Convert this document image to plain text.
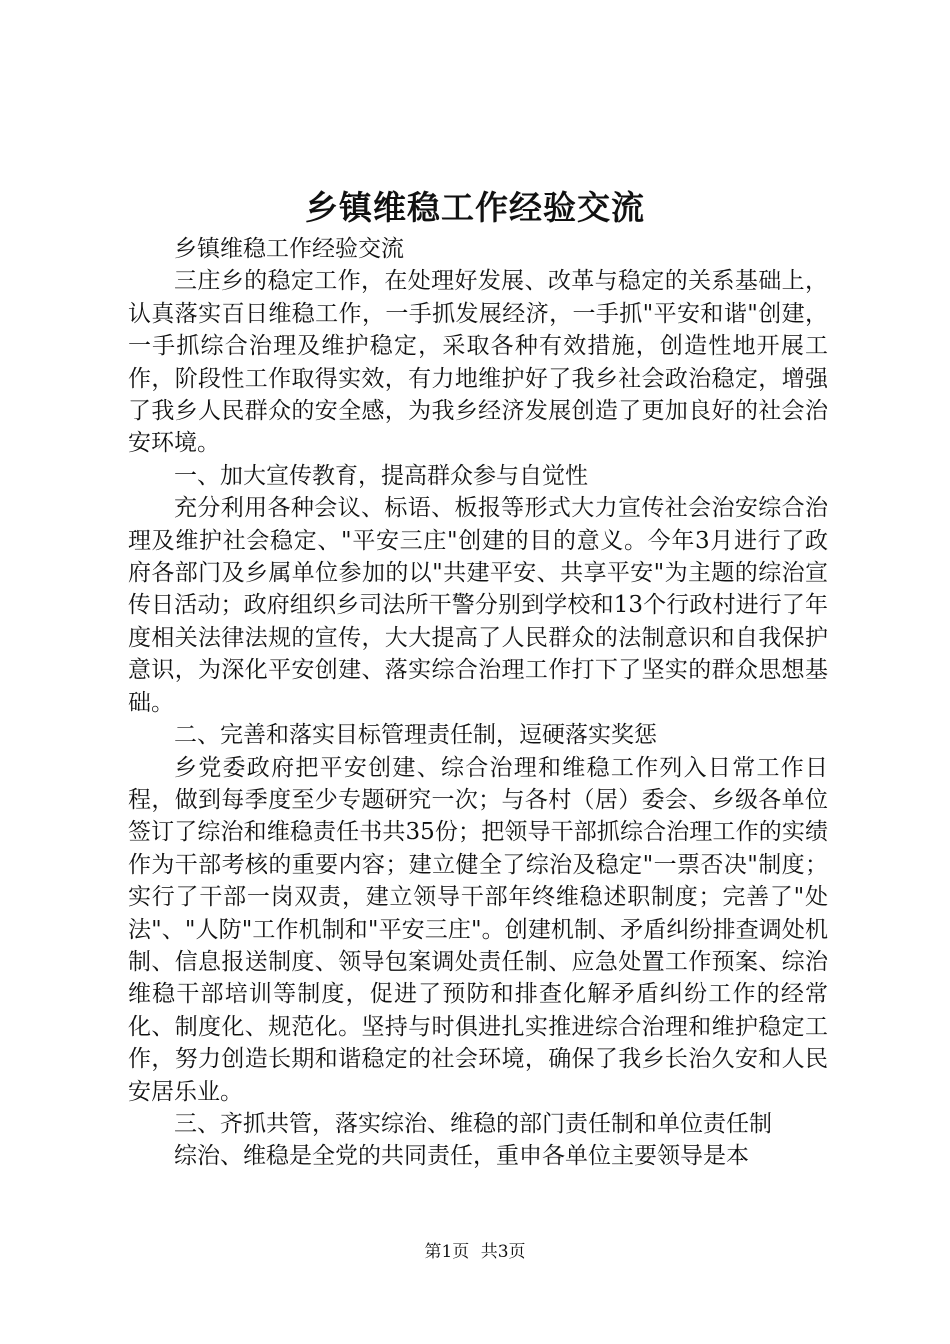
乡镇维稳工作经验交流

乡镇维稳工作经验交流

三庄乡的稳定工作，在处理好发展、改革与稳定的关系基础上，认真落实百日维稳工作，一手抓发展经济，一手抓"平安和谐"创建，一手抓综合治理及维护稳定，采取各种有效措施，创造性地开展工作，阶段性工作取得实效，有力地维护好了我乡社会政治稳定，增强了我乡人民群众的安全感，为我乡经济发展创造了更加良好的社会治安环境。

一、加大宣传教育，提高群众参与自觉性

充分利用各种会议、标语、板报等形式大力宣传社会治安综合治理及维护社会稳定、"平安三庄"创建的目的意义。今年3月进行了政府各部门及乡属单位参加的以"共建平安、共享平安"为主题的综治宣传日活动；政府组织乡司法所干警分别到学校和13个行政村进行了年度相关法律法规的宣传，大大提高了人民群众的法制意识和自我保护意识，为深化平安创建、落实综合治理工作打下了坚实的群众思想基础。

二、完善和落实目标管理责任制，逗硬落实奖惩

乡党委政府把平安创建、综合治理和维稳工作列入日常工作日程，做到每季度至少专题研究一次；与各村（居）委会、乡级各单位签订了综治和维稳责任书共35份；把领导干部抓综合治理工作的实绩作为干部考核的重要内容；建立健全了综治及稳定"一票否决"制度；实行了干部一岗双责，建立领导干部年终维稳述职制度；完善了"处法"、"人防"工作机制和"平安三庄"。创建机制、矛盾纠纷排查调处机制、信息报送制度、领导包案调处责任制、应急处置工作预案、综治维稳干部培训等制度，促进了预防和排查化解矛盾纠纷工作的经常化、制度化、规范化。坚持与时俱进扎实推进综合治理和维护稳定工作，努力创造长期和谐稳定的社会环境，确保了我乡长治久安和人民安居乐业。

三、齐抓共管，落实综治、维稳的部门责任制和单位责任制

综治、维稳是全党的共同责任，重申各单位主要领导是本

第1页 共3页
